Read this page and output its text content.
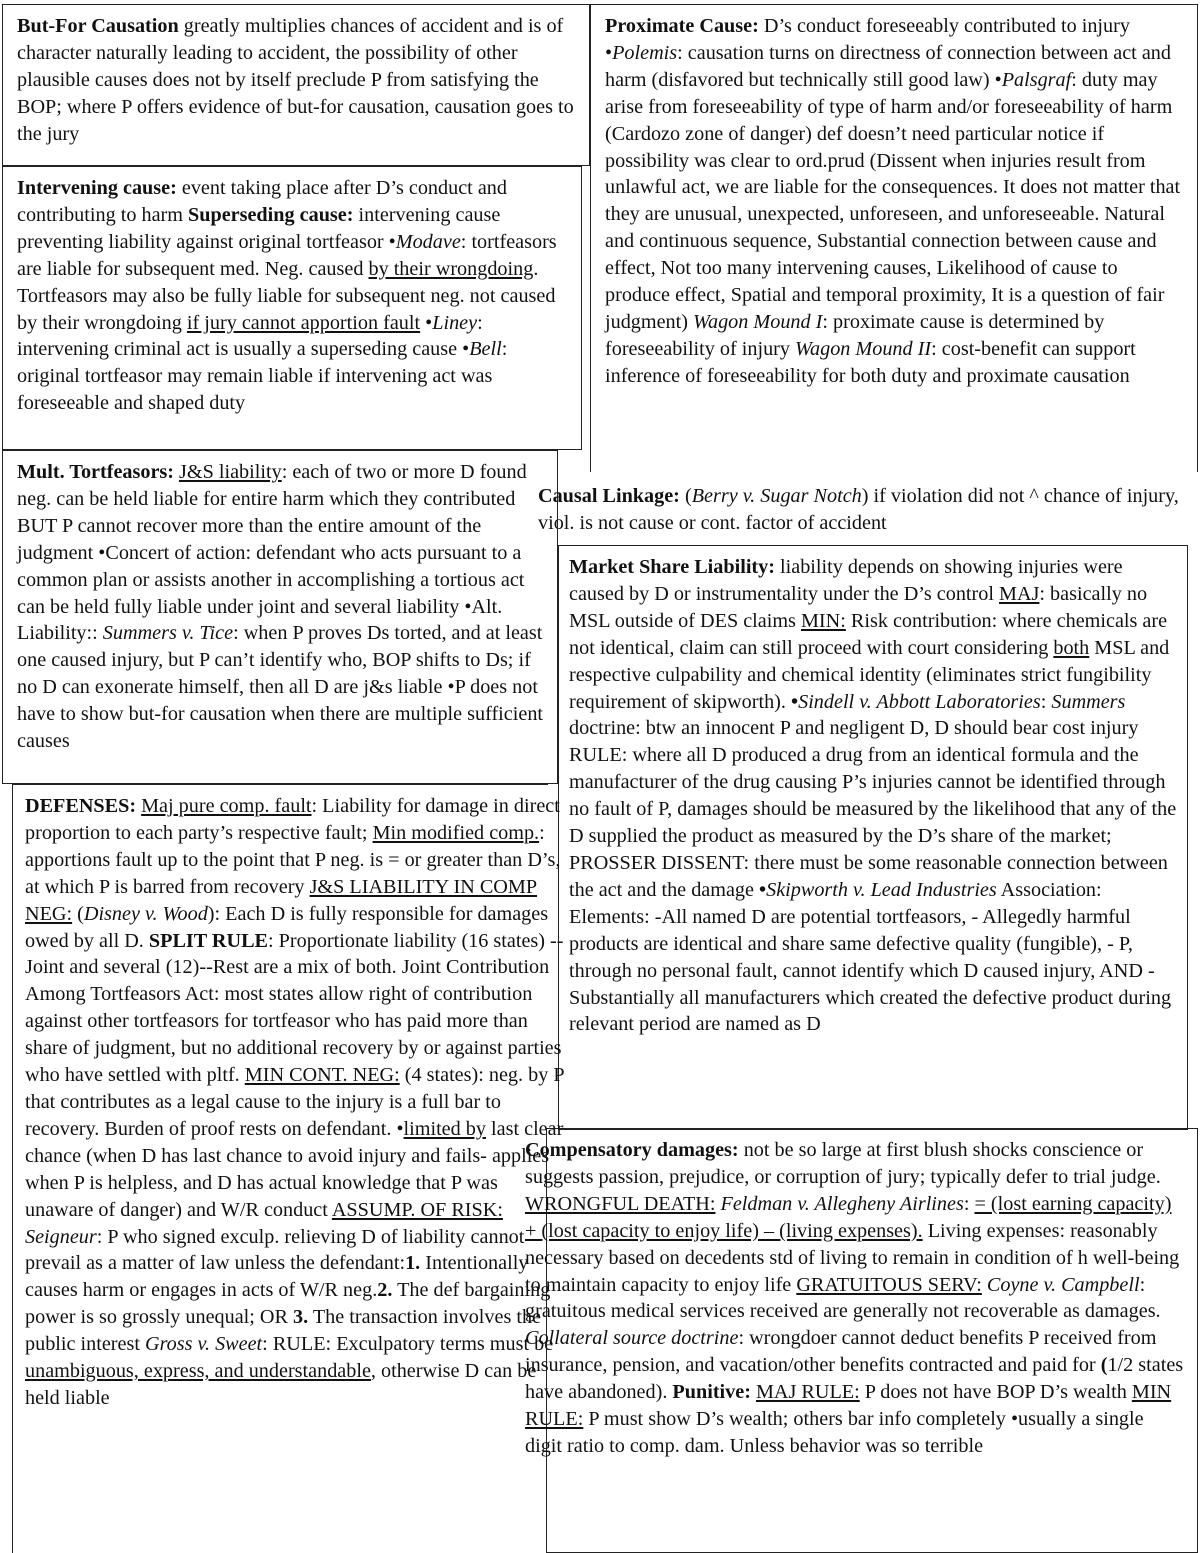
Proximate Cause: D’s conduct foreseeably contributed to injury •Polemis: causation turns on directness of connection between act and harm (disfavored but technically still good law) •Palsgraf: duty may arise from foreseeability of type of harm and/or foreseeability of harm (Cardozo zone of danger) def doesn’t need particular notice if possibility was clear to ord.prud (Dissent when injuries result from unlawful act, we are liable for the consequences. It does not matter that they are unusual, unexpected, unforeseen, and unforeseeable. Natural and continuous sequence, Substantial connection between cause and effect, Not too many intervening causes, Likelihood of cause to produce effect, Spatial and temporal proximity, It is a question of fair judgment) Wagon Mound I: proximate cause is determined by foreseeability of injury Wagon Mound II: cost-benefit can support inference of foreseeability for both duty and proximate causation

Market Share Liability: liability depends on showing injuries were caused by D or instrumentality under the D’s control MAJ: basically no MSL outside of DES claims MIN: Risk contribution: where chemicals are not identical, claim can still proceed with court considering both MSL and respective culpability and chemical identity (eliminates strict fungibility requirement of skipworth). •Sindell v. Abbott Laboratories: Summers doctrine: btw an innocent P and negligent D, D should bear cost injury RULE: where all D produced a drug from an identical formula and the manufacturer of the drug causing P’s injuries cannot be identified through no fault of P, damages should be measured by the likelihood that any of the D supplied the product as measured by the D’s share of the market; PROSSER DISSENT: there must be some reasonable connection between the act and the damage •Skipworth v. Lead Industries Association: Elements: -All named D are potential tortfeasors, - Allegedly harmful products are identical and share same defective quality (fungible), - P, through no personal fault, cannot identify which D caused injury, AND -Substantially all manufacturers which created the defective product during relevant period are named as D

Compensatory damages: not be so large at first blush shocks conscience or suggests passion, prejudice, or corruption of jury; typically defer to trial judge. WRONGFUL DEATH: Feldman v. Allegheny Airlines: = (lost earning capacity) + (lost capacity to enjoy life) – (living expenses). Living expenses: reasonably necessary based on decedents std of living to remain in condition of h well-being to maintain capacity to enjoy life GRATUITOUS SERV: Coyne v. Campbell: gratuitous medical services received are generally not recoverable as damages. Collateral source doctrine: wrongdoer cannot deduct benefits P received from insurance, pension, and vacation/other benefits contracted and paid for (1/2 states have abandoned). Punitive: MAJ RULE: P does not have BOP D’s wealth MIN RULE: P must show D’s wealth; others bar info completely •usually a single digit ratio to comp. dam. Unless behavior was so terrible

But-For Causation greatly multiplies chances of accident and is of character naturally leading to accident, the possibility of other plausible causes does not by itself preclude P from satisfying the BOP; where P offers evidence of but-for causation, causation goes to the jury

Intervening cause: event taking place after D’s conduct and contributing to harm Superseding cause: intervening cause preventing liability against original tortfeasor •Modave: tortfeasors are liable for subsequent med. Neg. caused by their wrongdoing. Tortfeasors may also be fully liable for subsequent neg. not caused by their wrongdoing if jury cannot apportion fault •Liney: intervening criminal act is usually a superseding cause •Bell: original tortfeasor may remain liable if intervening act was foreseeable and shaped duty

Causal Linkage: (Berry v. Sugar Notch) if violation did not ^ chance of injury, viol. is not cause or cont. factor of accident

Mult. Tortfeasors: J&S liability: each of two or more D found neg. can be held liable for entire harm which they contributed BUT P cannot recover more than the entire amount of the judgment •Concert of action: defendant who acts pursuant to a common plan or assists another in accomplishing a tortious act can be held fully liable under joint and several liability •Alt. Liability:: Summers v. Tice: when P proves Ds torted, and at least one caused injury, but P can’t identify who, BOP shifts to Ds; if no D can exonerate himself, then all D are j&s liable •P does not have to show but-for causation when there are multiple sufficient causes

DEFENSES: Maj pure comp. fault: Liability for damage in direct proportion to each party’s respective fault; Min modified comp.: apportions fault up to the point that P neg. is = or greater than D’s, at which P is barred from recovery J&S LIABILITY IN COMP NEG: (Disney v. Wood): Each D is fully responsible for damages owed by all D. SPLIT RULE: Proportionate liability (16 states) --Joint and several (12)--Rest are a mix of both. Joint Contribution Among Tortfeasors Act: most states allow right of contribution against other tortfeasors for tortfeasor who has paid more than share of judgment, but no additional recovery by or against parties who have settled with pltf. MIN CONT. NEG: (4 states): neg. by P that contributes as a legal cause to the injury is a full bar to recovery. Burden of proof rests on defendant. •limited by last clear chance (when D has last chance to avoid injury and fails- applies when P is helpless, and D has actual knowledge that P was unaware of danger) and W/R conduct ASSUMP. OF RISK: Seigneur: P who signed exculp. relieving D of liability cannot prevail as a matter of law unless the defendant:1. Intentionally causes harm or engages in acts of W/R neg.2. The def bargaining power is so grossly unequal; OR 3. The transaction involves the public interest Gross v. Sweet: RULE: Exculpatory terms must be unambiguous, express, and understandable, otherwise D can be held liable
